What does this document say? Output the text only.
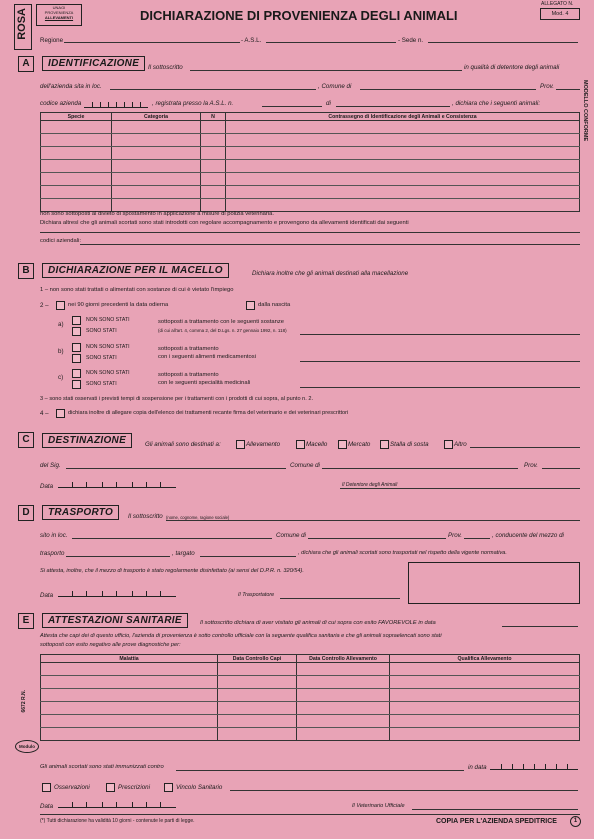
ROSA
UNAGI
PROVENIENZA
ALLEVAMENTI	DICHIARAZIONE DI PROVENIENZA DEGLI ANIMALI
ALLEGATO N.
Mod. 4
Regione	- A.S.L.	- Sede n.
MODELLO CONFORME
A	IDENTIFICAZIONE	Il sottoscritto	in qualità di detentore degli animali
dell'azienda sita in loc.	, Comune di	Prov.
codice azienda	, registrata presso la A.S.L. n.	di	, dichiara che i seguenti animali:
Specie	Categoria	N	Contrassegno di Identificazione degli Animali e Consistenza

non sono sottoposti al divieto di spostamento in applicazione a misure di polizia veterinaria.
Dichiara altresì che gli animali scortati sono stati introdotti con regolare accompagnamento e provengono da allevamenti identificati dai seguenti
codici aziendali:
B	DICHIARAZIONE PER IL MACELLO	Dichiara inoltre che gli animali destinati alla macellazione
1 – non sono stati trattati o alimentati con sostanze di cui è vietato l'impiego
2 –	nei 90 giorni precedenti la data odierna	dalla nascita
a)
NON SONO STATI
SONO STATI
sottoposti a trattamento con le seguenti sostanze
(di cui all'art. 4, comma 2, del D.Lgs. n. 27 gennaio 1992, n. 118)
b)
NON SONO STATI
SONO STATI
sottoposti a trattamento
con i seguenti alimenti medicamentosi
c)
NON SONO STATI
SONO STATI
sottoposti a trattamento
con le seguenti specialità medicinali
3 – sono stati osservati i previsti tempi di sospensione per i trattamenti con i prodotti di cui sopra, al punto n. 2.
4 –	dichiara inoltre di allegare copia dell'elenco dei trattamenti recante firma del veterinario e dei veterinari prescrittori
C	DESTINAZIONE	Gli animali sono destinati a:	Allevamento	Macello	Mercato	Stalla di sosta	Altro
del Sig.	Comune di	Prov.
Data	Il Detentore degli Animali
D	TRASPORTO	Il sottoscritto (nome, cognome, ragione sociale)
sito in loc.	Comune di	Prov.	, conducente del mezzo di
trasporto	, targato	, dichiara che gli animali scortati sono trasportati nel rispetto della vigente normativa.
Si attesta, inoltre, che il mezzo di trasporto è stato regolarmente disinfettato (ai sensi del D.P.R. n. 320/54).
Data	Il Trasportatore
E	ATTESTAZIONI SANITARIE	Il sottoscritto dichiara di aver visitato gli animali di cui sopra con esito FAVOREVOLE in data
Attesta che capi dei di questo ufficio, l'azienda di provenienza è sotto controllo ufficiale con la seguente qualifica sanitaria e che gli animali sopraelencati sono stati
sottoposti con esito negativo alle prove diagnostiche per:
Malattia	Data Controllo Capi	Data Controllo Allevamento	Qualifica Allevamento

Gli animali scortati sono stati immunizzati contro	in data
Osservazioni	Prescrizioni	Vincolo Sanitario
Data	Il Veterinario Ufficiale
(*) Tutti dichiarazione ha validità 10 giorni - contenute le parti di legge.	COPIA PER L'AZIENDA SPEDITRICE	1
6672 R.N.
Modulo
